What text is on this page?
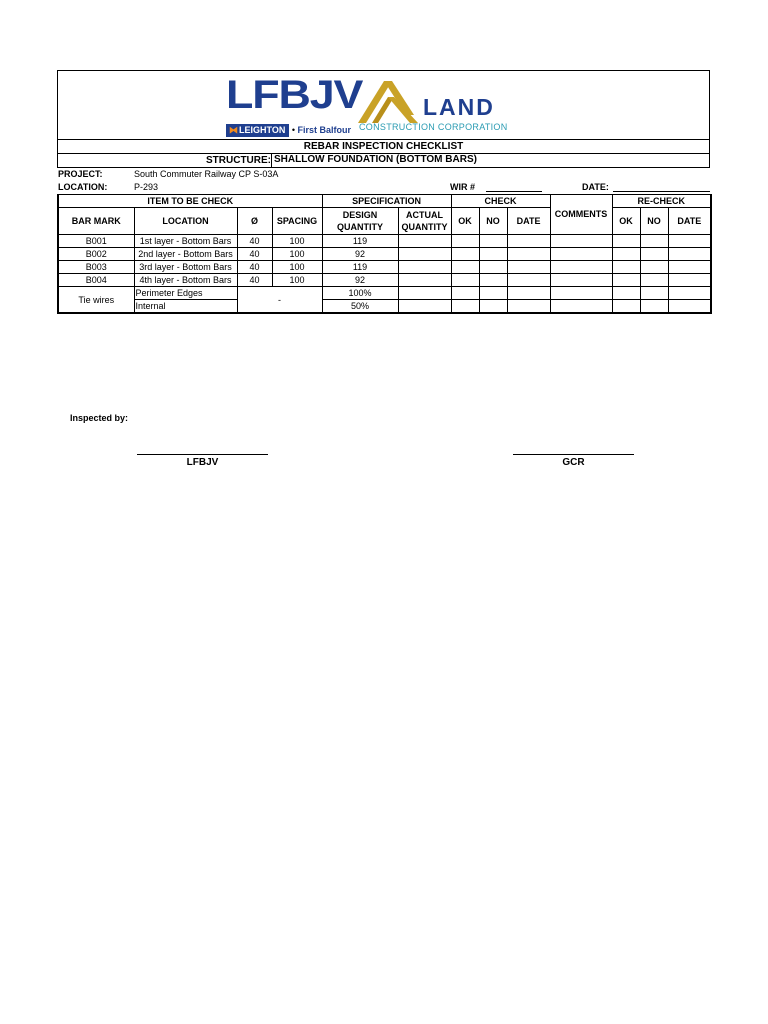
LFBJV
⧓LEIGHTON • First Balfour
LAND
CONSTRUCTION CORPORATION
REBAR INSPECTION CHECKLIST
STRUCTURE: SHALLOW FOUNDATION (BOTTOM BARS)
PROJECT:	South Commuter Railway CP S-03A
LOCATION:	P-293	WIR #	DATE:
ITEM TO BE CHECK				SPECIFICATION		CHECK			COMMENTS	RE-CHECK		
BAR MARK	LOCATION	Ø	SPACING	DESIGN QUANTITY	ACTUAL QUANTITY	OK	NO	DATE		OK	NO	DATE
B001	1st layer - Bottom Bars	40	100	119								
B002	2nd layer - Bottom Bars	40	100	92								
B003	3rd layer - Bottom Bars	40	100	119								
B004	4th layer - Bottom Bars	40	100	92								
Tie wires	Perimeter Edges	-		100%								
	Internal			50%								
Inspected by:
LFBJV	GCR
